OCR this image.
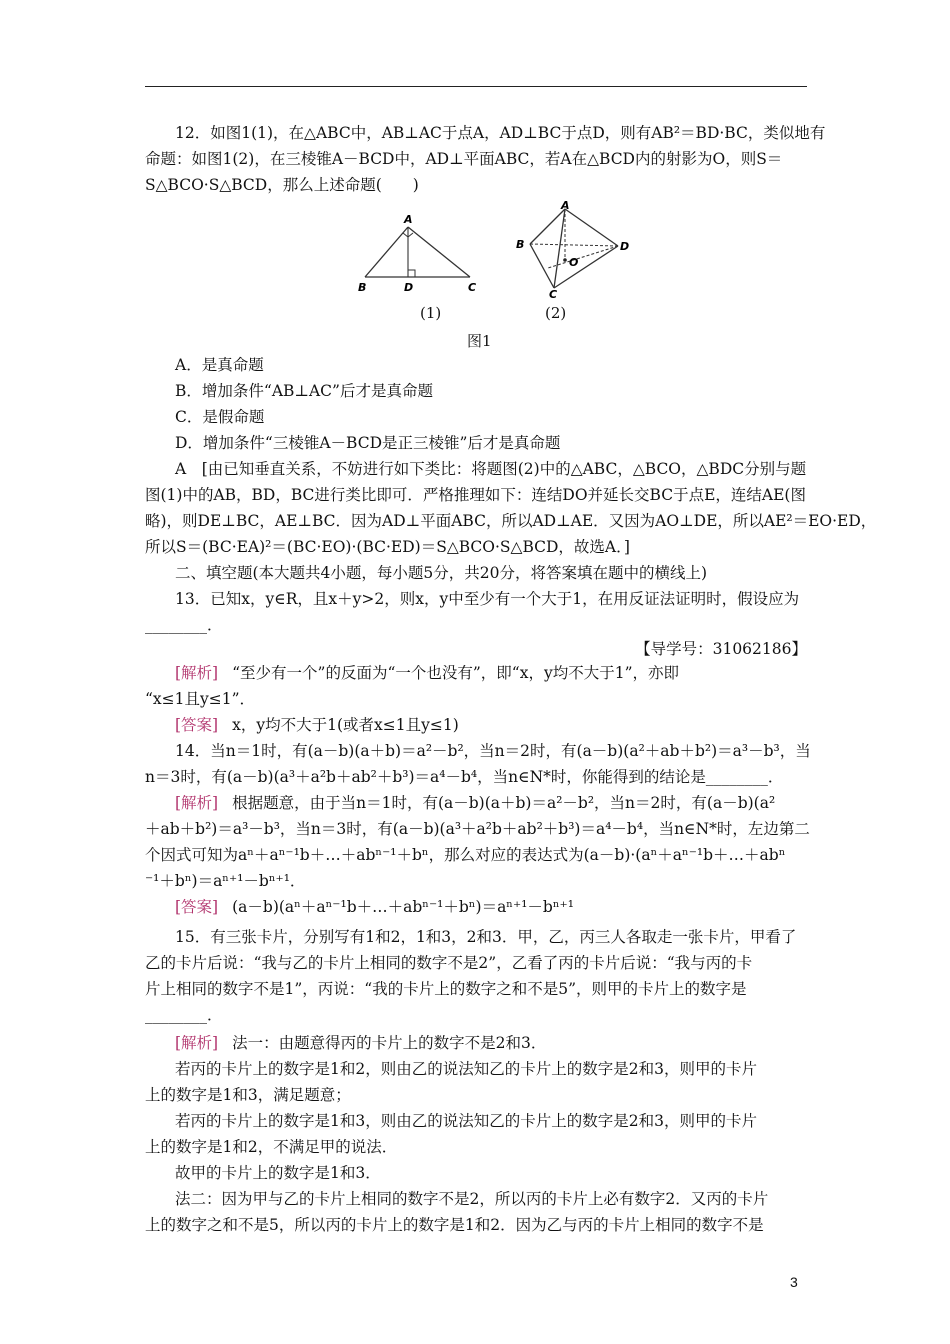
12．如图1(1)，在△ABC中，AB⊥AC于点A，AD⊥BC于点D，则有AB²＝BD·BC，类似地有
命题：如图1(2)，在三棱锥A－BCD中，AD⊥平面ABC，若A在△BCD内的射影为O，则S＝
S△BCO·S△BCD，那么上述命题(　　)
A
B	D	C
A
B	D
O
C
(1)	(2)
图1
A．是真命题
B．增加条件“AB⊥AC”后才是真命题
C．是假命题
D．增加条件“三棱锥A－BCD是正三棱锥”后才是真命题
A　[由已知垂直关系，不妨进行如下类比：将题图(2)中的△ABC，△BCO，△BDC分别与题
图(1)中的AB，BD，BC进行类比即可．严格推理如下：连结DO并延长交BC于点E，连结AE(图
略)，则DE⊥BC，AE⊥BC．因为AD⊥平面ABC，所以AD⊥AE．又因为AO⊥DE，所以AE²＝EO·ED，
所以S＝(BC·EA)²＝(BC·EO)·(BC·ED)＝S△BCO·S△BCD，故选A．]
二、填空题(本大题共4小题，每小题5分，共20分，将答案填在题中的横线上)
13．已知x，y∈R，且x＋y>2，则x，y中至少有一个大于1，在用反证法证明时，假设应为
________．
【导学号：31062186】
[解析] “至少有一个”的反面为“一个也没有”，即“x，y均不大于1”，亦即
“x≤1且y≤1”．
[答案] x，y均不大于1(或者x≤1且y≤1)
14．当n＝1时，有(a－b)(a＋b)＝a²－b²，当n＝2时，有(a－b)(a²＋ab＋b²)＝a³－b³，当
n＝3时，有(a－b)(a³＋a²b＋ab²＋b³)＝a⁴－b⁴，当n∈N*时，你能得到的结论是________．
[解析] 根据题意，由于当n＝1时，有(a－b)(a＋b)＝a²－b²，当n＝2时，有(a－b)(a²
＋ab＋b²)＝a³－b³，当n＝3时，有(a－b)(a³＋a²b＋ab²＋b³)＝a⁴－b⁴，当n∈N*时，左边第二
个因式可知为aⁿ＋aⁿ⁻¹b＋…＋abⁿ⁻¹＋bⁿ，那么对应的表达式为(a－b)·(aⁿ＋aⁿ⁻¹b＋…＋abⁿ
⁻¹＋bⁿ)＝aⁿ⁺¹－bⁿ⁺¹．
[答案] (a－b)(aⁿ＋aⁿ⁻¹b＋…＋abⁿ⁻¹＋bⁿ)＝aⁿ⁺¹－bⁿ⁺¹
15．有三张卡片，分别写有1和2，1和3，2和3．甲，乙，丙三人各取走一张卡片，甲看了
乙的卡片后说：“我与乙的卡片上相同的数字不是2”，乙看了丙的卡片后说：“我与丙的卡
片上相同的数字不是1”，丙说：“我的卡片上的数字之和不是5”，则甲的卡片上的数字是
________．
[解析] 法一：由题意得丙的卡片上的数字不是2和3．
若丙的卡片上的数字是1和2，则由乙的说法知乙的卡片上的数字是2和3，则甲的卡片
上的数字是1和3，满足题意；
若丙的卡片上的数字是1和3，则由乙的说法知乙的卡片上的数字是2和3，则甲的卡片
上的数字是1和2，不满足甲的说法．
故甲的卡片上的数字是1和3．
法二：因为甲与乙的卡片上相同的数字不是2，所以丙的卡片上必有数字2．又丙的卡片
上的数字之和不是5，所以丙的卡片上的数字是1和2．因为乙与丙的卡片上相同的数字不是
3
